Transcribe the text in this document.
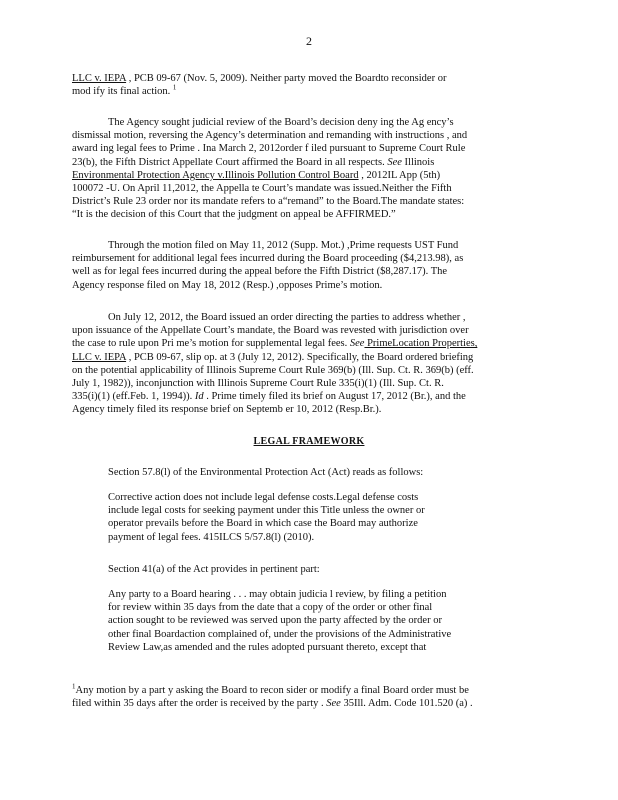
2
LLC v. IEPA , PCB 09-67 (Nov. 5, 2009). Neither party moved the Boardto reconsider or
mod ify its final action. $^1$
The Agency sought judicial review of the Board’s decision deny ing the Ag ency’s
dismissal motion, reversing the Agency’s determination and remanding with instructions , and
award ing legal fees to Prime . Ina March 2, 2012order f iled pursuant to Supreme Court Rule
23(b), the Fifth District Appellate Court affirmed the Board in all respects. See Illinois
Environmental Protection Agency v.Illinois Pollution Control Board , 2012IL App (5th)
100072 -U. On April 11,2012, the Appella te Court’s mandate was issued.Neither the Fifth
District’s Rule 23 order nor its mandate refers to a“remand” to the Board.The mandate states:
“It is the decision of this Court that the judgment on appeal be AFFIRMED.”
Through the motion filed on May 11, 2012 (Supp. Mot.) ,Prime requests UST Fund
reimbursement for additional legal fees incurred during the Board proceeding ($4,213.98), as
well as for legal fees incurred during the appeal before the Fifth District ($8,287.17). The
Agency response filed on May 18, 2012 (Resp.) ,opposes Prime’s motion.
On July 12, 2012, the Board issued an order directing the parties to address whether ,
upon issuance of the Appellate Court’s mandate, the Board was revested with jurisdiction over
the case to rule upon Pri me’s motion for supplemental legal fees. See PrimeLocation Properties,
LLC v. IEPA , PCB 09-67, slip op. at 3 (July 12, 2012). Specifically, the Board ordered briefing
on the potential applicability of Illinois Supreme Court Rule 369(b) (Ill. Sup. Ct. R. 369(b) (eff.
July 1, 1982)), inconjunction with Illinois Supreme Court Rule 335(i)(1) (Ill. Sup. Ct. R.
335(i)(1) (eff.Feb. 1, 1994)). Id . Prime timely filed its brief on August 17, 2012 (Br.), and the
Agency timely filed its response brief on Septemb er 10, 2012 (Resp.Br.).
LEGAL FRAMEWORK
Section 57.8(l) of the Environmental Protection Act (Act) reads as follows:
Corrective action does not include legal defense costs.Legal defense costs
include legal costs for seeking payment under this Title unless the owner or
operator prevails before the Board in which case the Board may authorize
payment of legal fees. 415ILCS 5/57.8(l) (2010).
Section 41(a) of the Act provides in pertinent part:
Any party to a Board hearing . . . may obtain judicia l review, by filing a petition
for review within 35 days from the date that a copy of the order or other final
action sought to be reviewed was served upon the party affected by the order or
other final Boardaction complained of, under the provisions of the Administrative
Review Law,as amended and the rules adopted pursuant thereto, except that
$^1$Any motion by a part y asking the Board to recon sider or modify a final Board order must be
filed within 35 days after the order is received by the party . See 35Ill. Adm. Code 101.520 (a) .
